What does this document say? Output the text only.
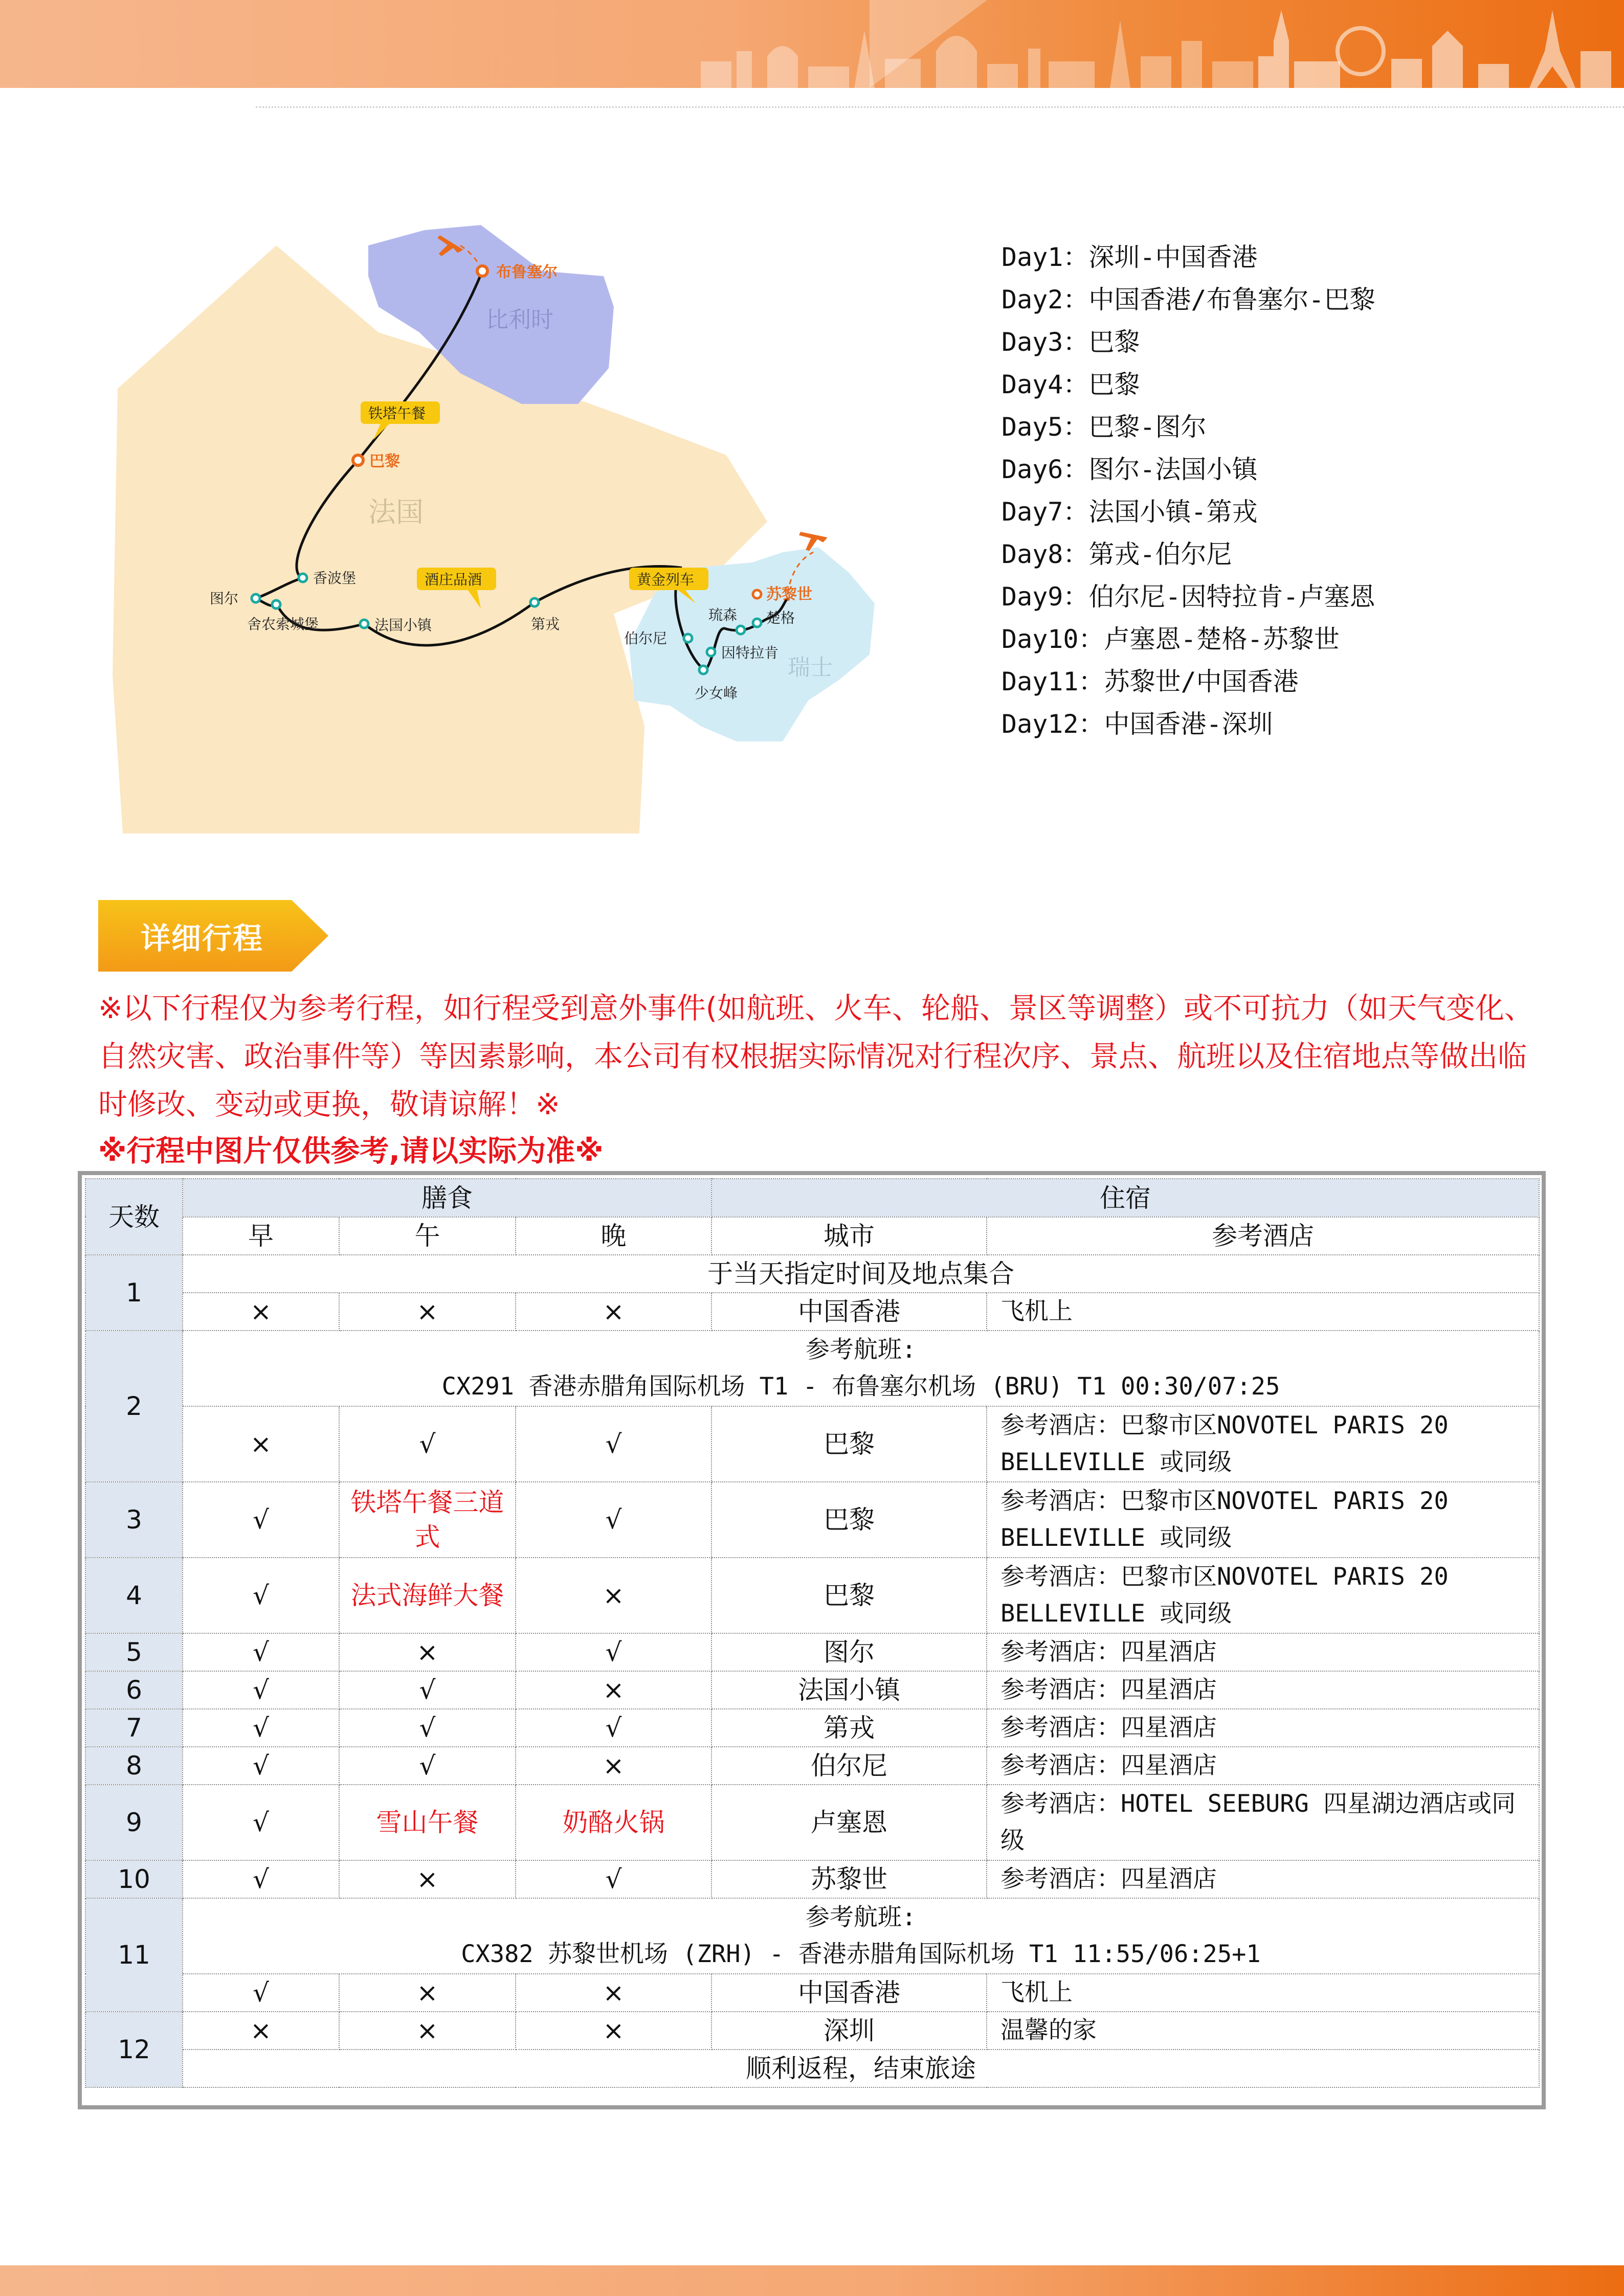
比利时
法国
瑞士
布鲁塞尔
巴黎
香波堡
图尔
舍农索城堡	法国小镇	第戎
伯尔尼
琉森 楚格
苏黎世
因特拉肯
少女峰
铁塔午餐
酒庄品酒	黄金列车
Day1：深圳-中国香港
Day2：中国香港/布鲁塞尔-巴黎
Day3：巴黎
Day4：巴黎
Day5：巴黎-图尔
Day6：图尔-法国小镇
Day7：法国小镇-第戎
Day8：第戎-伯尔尼
Day9：伯尔尼-因特拉肯-卢塞恩
Day10：卢塞恩-楚格-苏黎世
Day11：苏黎世/中国香港
Day12：中国香港-深圳
详细行程
※以下行程仅为参考行程，如行程受到意外事件(如航班、火车、轮船、景区等调整）或不可抗力（如天气变化、自然灾害、政治事件等）等因素影响，本公司有权根据实际情况对行程次序、景点、航班以及住宿地点等做出临时修改、变动或更换，敬请谅解！※
※行程中图片仅供参考,请以实际为准※
天数	膳食			住宿	
	早	午	晚	城市	参考酒店
1	于当天指定时间及地点集合				
	×	×	×	中国香港	飞机上
2	参考航班:
CX291 香港赤腊角国际机场 T1 - 布鲁塞尔机场 (BRU) T1 00:30/07:25				

	×	√	√	巴黎	参考酒店：巴黎市区NOVOTEL PARIS 20 BELLEVILLE 或同级
3	√	铁塔午餐三道式	√	巴黎	参考酒店：巴黎市区NOVOTEL PARIS 20 BELLEVILLE 或同级
4	√	法式海鲜大餐	×	巴黎	参考酒店：巴黎市区NOVOTEL PARIS 20 BELLEVILLE 或同级
5	√	×	√	图尔	参考酒店：四星酒店
6	√	√	×	法国小镇	参考酒店：四星酒店
7	√	√	√	第戎	参考酒店：四星酒店
8	√	√	×	伯尔尼	参考酒店：四星酒店
9	√	雪山午餐	奶酪火锅	卢塞恩	参考酒店：HOTEL SEEBURG 四星湖边酒店或同级
10	√	×	√	苏黎世	参考酒店：四星酒店
11	参考航班:
CX382 苏黎世机场 (ZRH) - 香港赤腊角国际机场 T1 11:55/06:25+1				

	√	×	×	中国香港	飞机上
12	×	×	×	深圳	温馨的家
	顺利返程，结束旅途				
